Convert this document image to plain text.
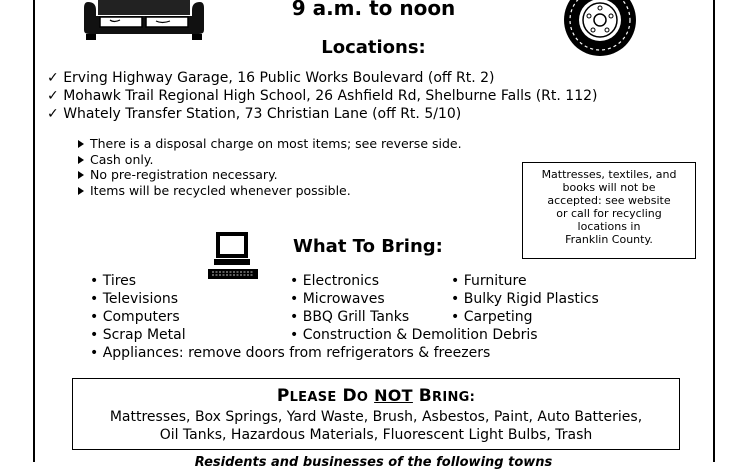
9 a.m. to noon
Locations:
✓ Erving Highway Garage, 16 Public Works Boulevard (off Rt. 2)
✓ Mohawk Trail Regional High School, 26 Ashfield Rd, Shelburne Falls (Rt. 112)
✓ Whately Transfer Station, 73 Christian Lane (off Rt. 5/10)
There is a disposal charge on most items; see reverse side.
Cash only.
No pre-registration necessary.
Items will be recycled whenever possible.
Mattresses, textiles, and
books will not be
accepted: see website
or call for recycling
locations in
Franklin County.
What To Bring:
• Tires
• Televisions
• Computers
• Scrap Metal
• Appliances: remove doors from refrigerators & freezers
• Electronics
• Microwaves
• BBQ Grill Tanks
• Construction & Demolition Debris
• Furniture
• Bulky Rigid Plastics
• Carpeting
PLEASE DO NOT BRING:
Mattresses, Box Springs, Yard Waste, Brush, Asbestos, Paint, Auto Batteries,
Oil Tanks, Hazardous Materials, Fluorescent Light Bulbs, Trash
Residents and businesses of the following towns
